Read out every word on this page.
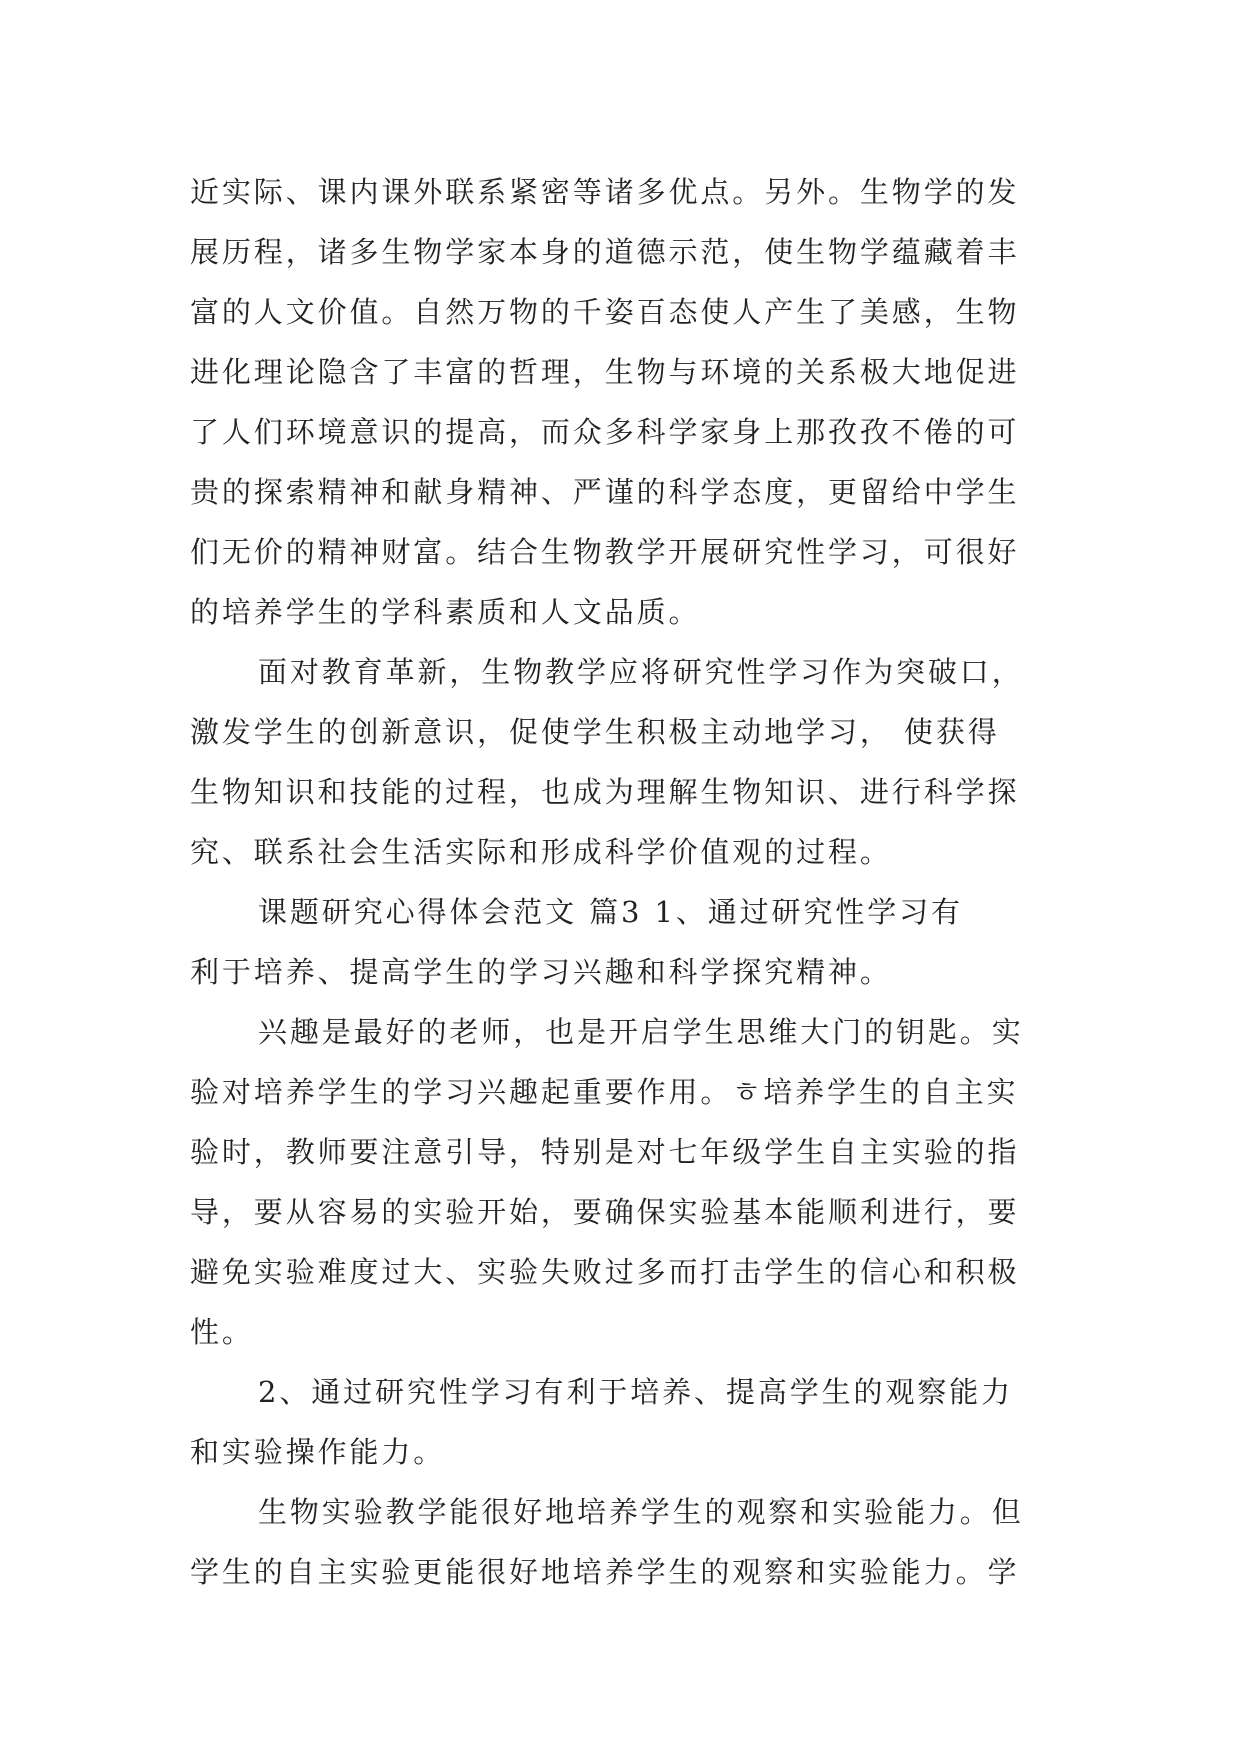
近实际、课内课外联系紧密等诸多优点。另外。生物学的发
展历程，诸多生物学家本身的道德示范，使生物学蕴藏着丰
富的人文价值。自然万物的千姿百态使人产生了美感，生物
进化理论隐含了丰富的哲理，生物与环境的关系极大地促进
了人们环境意识的提高，而众多科学家身上那孜孜不倦的可
贵的探索精神和献身精神、严谨的科学态度，更留给中学生
们无价的精神财富。结合生物教学开展研究性学习，可很好
的培养学生的学科素质和人文品质。
面对教育革新，生物教学应将研究性学习作为突破口，
激发学生的创新意识，促使学生积极主动地学习， 使获得
生物知识和技能的过程，也成为理解生物知识、进行科学探
究、联系社会生活实际和形成科学价值观的过程。
课题研究心得体会范文 篇3 1、通过研究性学习有
利于培养、提高学生的学习兴趣和科学探究精神。
兴趣是最好的老师，也是开启学生思维大门的钥匙。实
验对培养学生的学习兴趣起重要作用。ㅎ培养学生的自主实
验时，教师要注意引导，特别是对七年级学生自主实验的指
导，要从容易的实验开始，要确保实验基本能顺利进行，要
避免实验难度过大、实验失败过多而打击学生的信心和积极
性。
2、通过研究性学习有利于培养、提高学生的观察能力
和实验操作能力。
生物实验教学能很好地培养学生的观察和实验能力。但
学生的自主实验更能很好地培养学生的观察和实验能力。学
